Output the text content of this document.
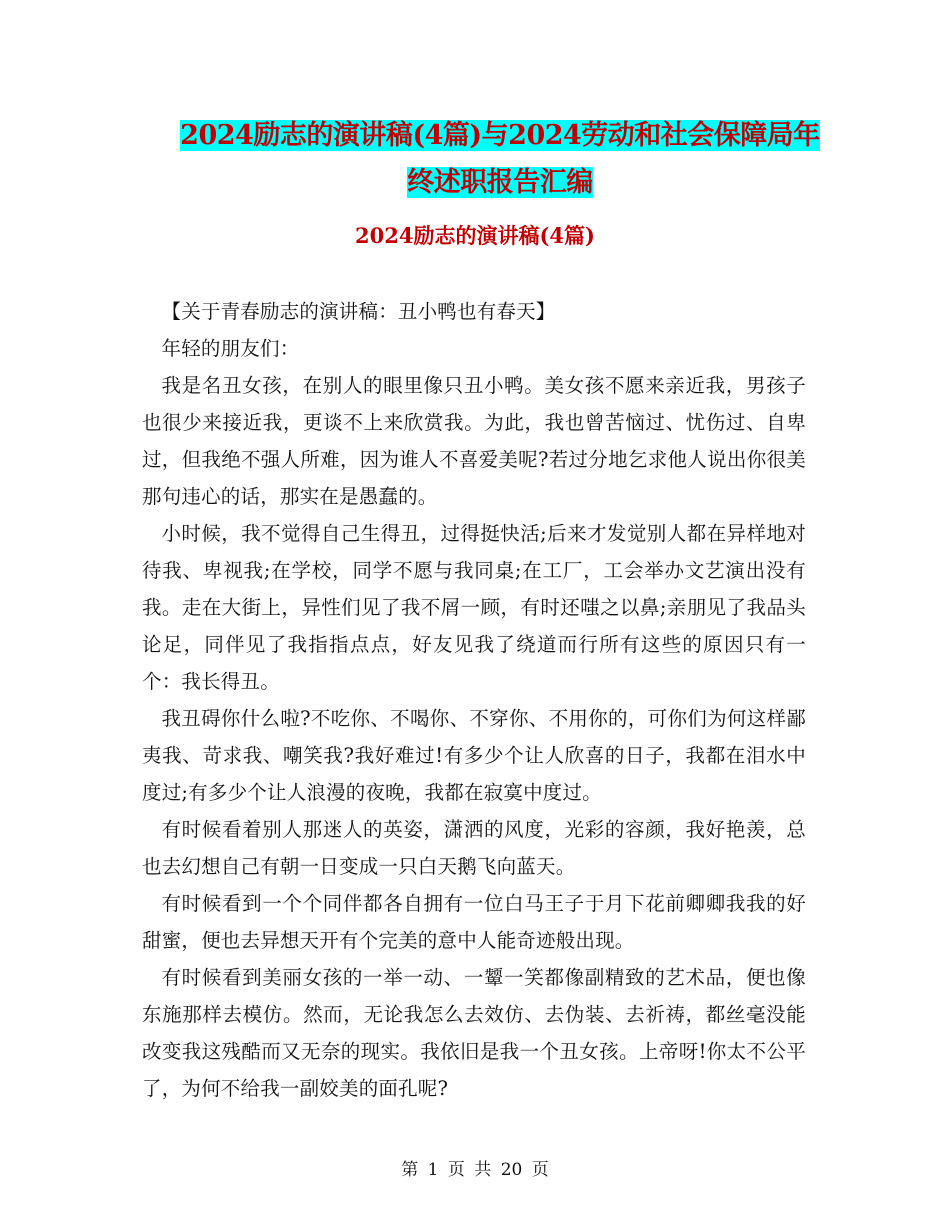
2024励志的演讲稿(4篇)与2024劳动和社会保障局年
终述职报告汇编
2024励志的演讲稿(4篇)

【关于青春励志的演讲稿：丑小鸭也有春天】

年轻的朋友们：

我是名丑女孩，在别人的眼里像只丑小鸭。美女孩不愿来亲近我，男孩子也很少来接近我，更谈不上来欣赏我。为此，我也曾苦恼过、忧伤过、自卑过，但我绝不强人所难，因为谁人不喜爱美呢?若过分地乞求他人说出你很美那句违心的话，那实在是愚蠢的。

小时候，我不觉得自己生得丑，过得挺快活;后来才发觉别人都在异样地对待我、卑视我;在学校，同学不愿与我同桌;在工厂，工会举办文艺演出没有我。走在大街上，异性们见了我不屑一顾，有时还嗤之以鼻;亲朋见了我品头论足，同伴见了我指指点点，好友见我了绕道而行所有这些的原因只有一个：我长得丑。

我丑碍你什么啦?不吃你、不喝你、不穿你、不用你的，可你们为何这样鄙夷我、苛求我、嘲笑我?我好难过!有多少个让人欣喜的日子，我都在泪水中度过;有多少个让人浪漫的夜晚，我都在寂寞中度过。

有时候看着别人那迷人的英姿，潇洒的风度，光彩的容颜，我好艳羡，总也去幻想自己有朝一日变成一只白天鹅飞向蓝天。

有时候看到一个个同伴都各自拥有一位白马王子于月下花前卿卿我我的好甜蜜，便也去异想天开有个完美的意中人能奇迹般出现。

有时候看到美丽女孩的一举一动、一颦一笑都像副精致的艺术品，便也像东施那样去模仿。然而，无论我怎么去效仿、去伪装、去祈祷，都丝毫没能改变我这残酷而又无奈的现实。我依旧是我一个丑女孩。上帝呀!你太不公平了，为何不给我一副姣美的面孔呢?

第 1 页 共 20 页
